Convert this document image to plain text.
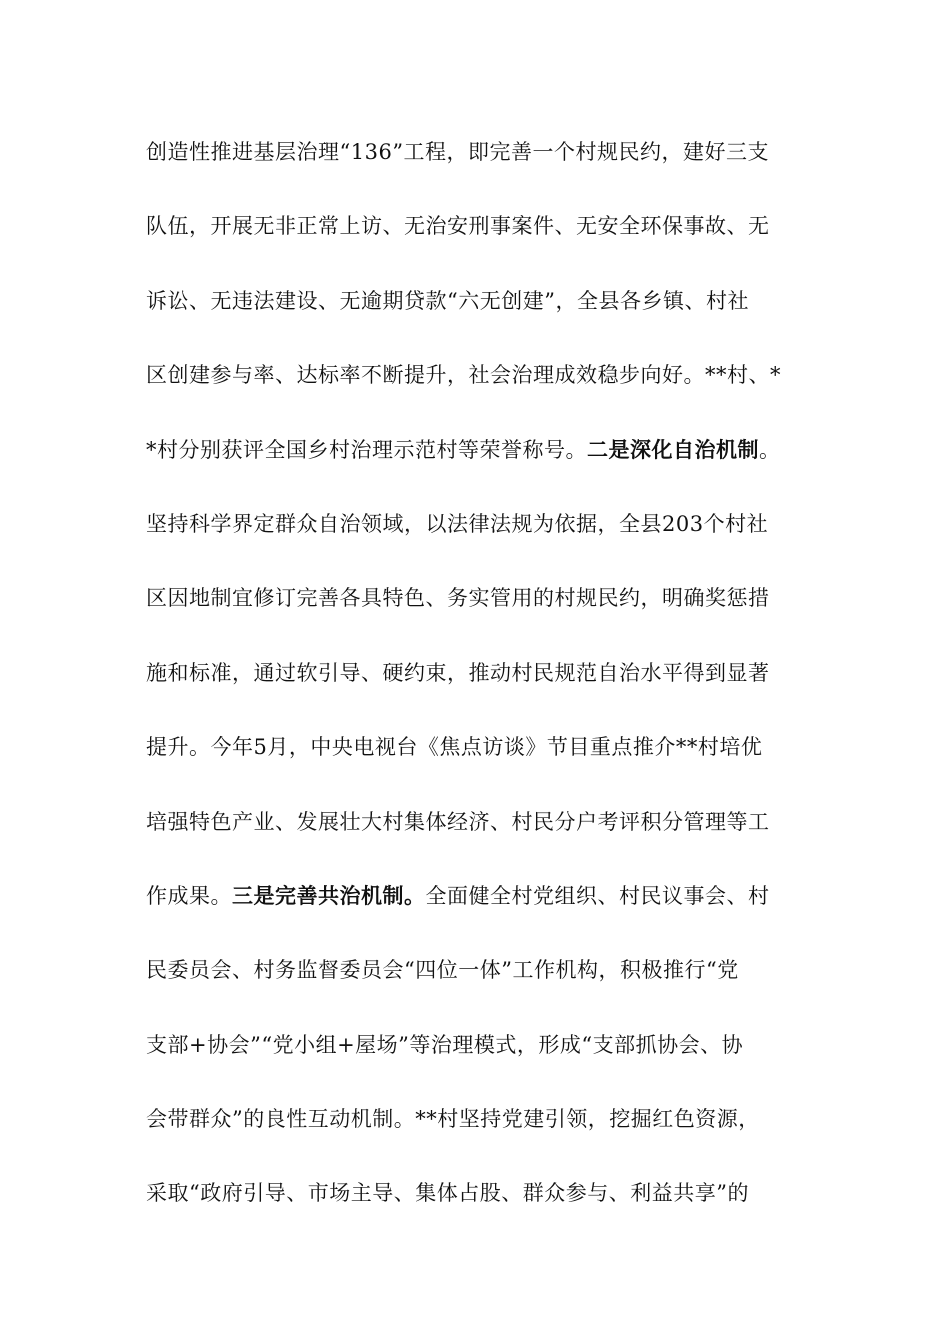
创造性推进基层治理“136”工程，即完善一个村规民约，建好三支
队伍，开展无非正常上访、无治安刑事案件、无安全环保事故、无
诉讼、无违法建设、无逾期贷款“六无创建”，全县各乡镇、村社
区创建参与率、达标率不断提升，社会治理成效稳步向好。**村、*
*村分别获评全国乡村治理示范村等荣誉称号。二是深化自治机制。
坚持科学界定群众自治领域，以法律法规为依据，全县203个村社
区因地制宜修订完善各具特色、务实管用的村规民约，明确奖惩措
施和标准，通过软引导、硬约束，推动村民规范自治水平得到显著
提升。今年5月，中央电视台《焦点访谈》节目重点推介**村培优
培强特色产业、发展壮大村集体经济、村民分户考评积分管理等工
作成果。三是完善共治机制。全面健全村党组织、村民议事会、村
民委员会、村务监督委员会“四位一体”工作机构，积极推行“党
支部+协会”“党小组+屋场”等治理模式，形成“支部抓协会、协
会带群众”的良性互动机制。**村坚持党建引领，挖掘红色资源，
采取“政府引导、市场主导、集体占股、群众参与、利益共享”的
